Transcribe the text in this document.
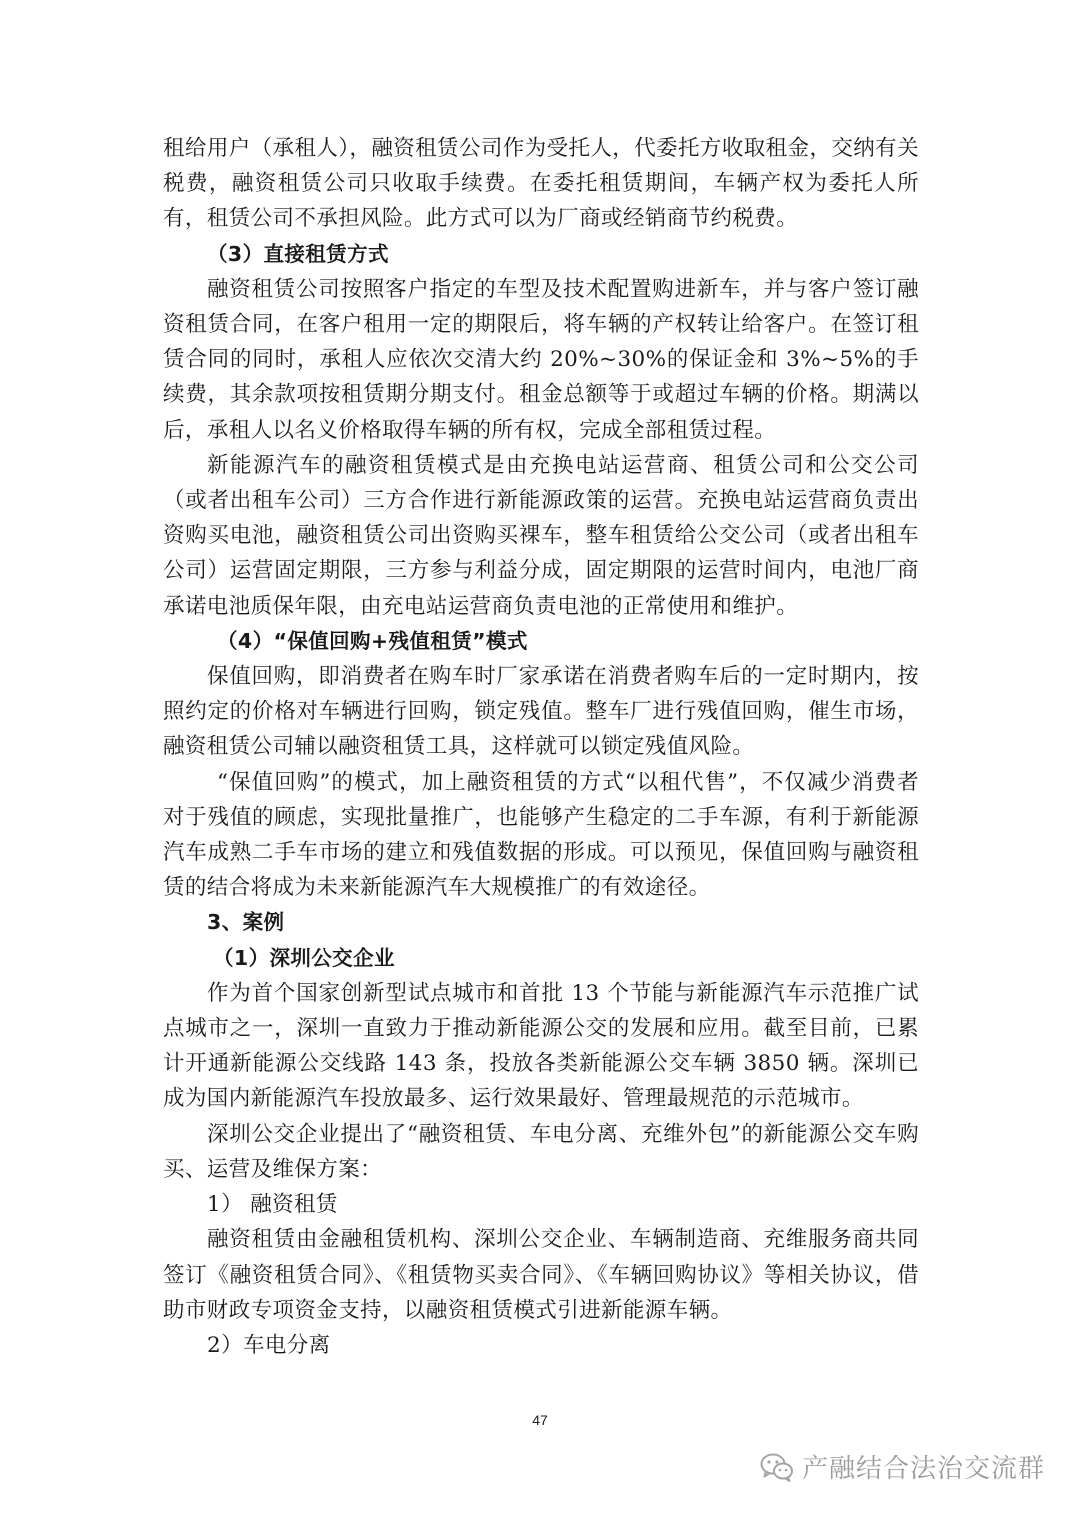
租给用户（承租人），融资租赁公司作为受托人，代委托方收取租金，交纳有关税费，融资租赁公司只收取手续费。在委托租赁期间，车辆产权为委托人所有，租赁公司不承担风险。此方式可以为厂商或经销商节约税费。

（3）直接租赁方式

融资租赁公司按照客户指定的车型及技术配置购进新车，并与客户签订融资租赁合同，在客户租用一定的期限后，将车辆的产权转让给客户。在签订租赁合同的同时，承租人应依次交清大约 20%~30%的保证金和 3%~5%的手续费，其余款项按租赁期分期支付。租金总额等于或超过车辆的价格。期满以后，承租人以名义价格取得车辆的所有权，完成全部租赁过程。

新能源汽车的融资租赁模式是由充换电站运营商、租赁公司和公交公司（或者出租车公司）三方合作进行新能源政策的运营。充换电站运营商负责出资购买电池，融资租赁公司出资购买裸车，整车租赁给公交公司（或者出租车公司）运营固定期限，三方参与利益分成，固定期限的运营时间内，电池厂商承诺电池质保年限，由充电站运营商负责电池的正常使用和维护。

（4）“保值回购+残值租赁”模式

保值回购，即消费者在购车时厂家承诺在消费者购车后的一定时期内，按照约定的价格对车辆进行回购，锁定残值。整车厂进行残值回购，催生市场，融资租赁公司辅以融资租赁工具，这样就可以锁定残值风险。

“保值回购”的模式，加上融资租赁的方式“以租代售”，不仅减少消费者对于残值的顾虑，实现批量推广，也能够产生稳定的二手车源，有利于新能源汽车成熟二手车市场的建立和残值数据的形成。可以预见，保值回购与融资租赁的结合将成为未来新能源汽车大规模推广的有效途径。

3、案例

（1）深圳公交企业

作为首个国家创新型试点城市和首批 13 个节能与新能源汽车示范推广试点城市之一，深圳一直致力于推动新能源公交的发展和应用。截至目前，已累计开通新能源公交线路 143 条，投放各类新能源公交车辆 3850 辆。深圳已成为国内新能源汽车投放最多、运行效果最好、管理最规范的示范城市。

深圳公交企业提出了“融资租赁、车电分离、充维外包”的新能源公交车购买、运营及维保方案：

1） 融资租赁

融资租赁由金融租赁机构、深圳公交企业、车辆制造商、充维服务商共同签订《融资租赁合同》、《租赁物买卖合同》、《车辆回购协议》等相关协议，借助市财政专项资金支持，以融资租赁模式引进新能源车辆。

2）车电分离

47
产融结合法治交流群
